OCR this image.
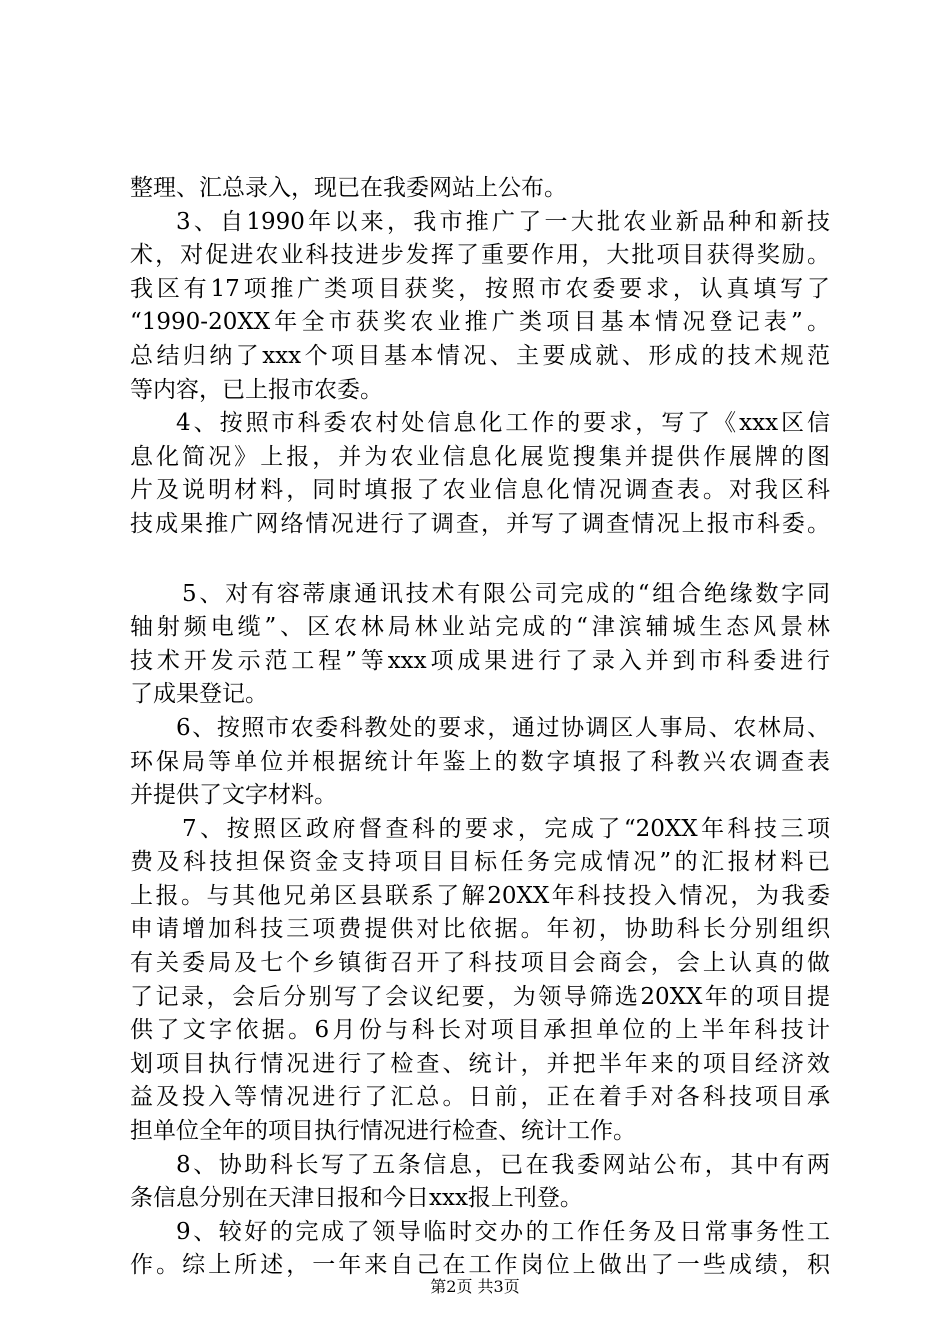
整理、汇总录入，现已在我委网站上公布。
3、自1990年以来，我市推广了一大批农业新品种和新技
术，对促进农业科技进步发挥了重要作用，大批项目获得奖励。
我区有17项推广类项目获奖，按照市农委要求，认真填写了
“1990-20XX年全市获奖农业推广类项目基本情况登记表”。
总结归纳了xxx个项目基本情况、主要成就、形成的技术规范
等内容，已上报市农委。
4、按照市科委农村处信息化工作的要求，写了《xxx区信
息化简况》上报，并为农业信息化展览搜集并提供作展牌的图
片及说明材料，同时填报了农业信息化情况调查表。对我区科
技成果推广网络情况进行了调查，并写了调查情况上报市科委。
5、对有容蒂康通讯技术有限公司完成的“组合绝缘数字同
轴射频电缆”、区农林局林业站完成的“津滨辅城生态风景林
技术开发示范工程”等xxx项成果进行了录入并到市科委进行
了成果登记。
6、按照市农委科教处的要求，通过协调区人事局、农林局、
环保局等单位并根据统计年鉴上的数字填报了科教兴农调查表
并提供了文字材料。
7、按照区政府督查科的要求，完成了“20XX年科技三项
费及科技担保资金支持项目目标任务完成情况”的汇报材料已
上报。与其他兄弟区县联系了解20XX年科技投入情况，为我委
申请增加科技三项费提供对比依据。年初，协助科长分别组织
有关委局及七个乡镇街召开了科技项目会商会，会上认真的做
了记录，会后分别写了会议纪要，为领导筛选20XX年的项目提
供了文字依据。6月份与科长对项目承担单位的上半年科技计
划项目执行情况进行了检查、统计，并把半年来的项目经济效
益及投入等情况进行了汇总。日前，正在着手对各科技项目承
担单位全年的项目执行情况进行检查、统计工作。
8、协助科长写了五条信息，已在我委网站公布，其中有两
条信息分别在天津日报和今日xxx报上刊登。
9、较好的完成了领导临时交办的工作任务及日常事务性工
作。综上所述，一年来自己在工作岗位上做出了一些成绩，积
第2页 共3页
